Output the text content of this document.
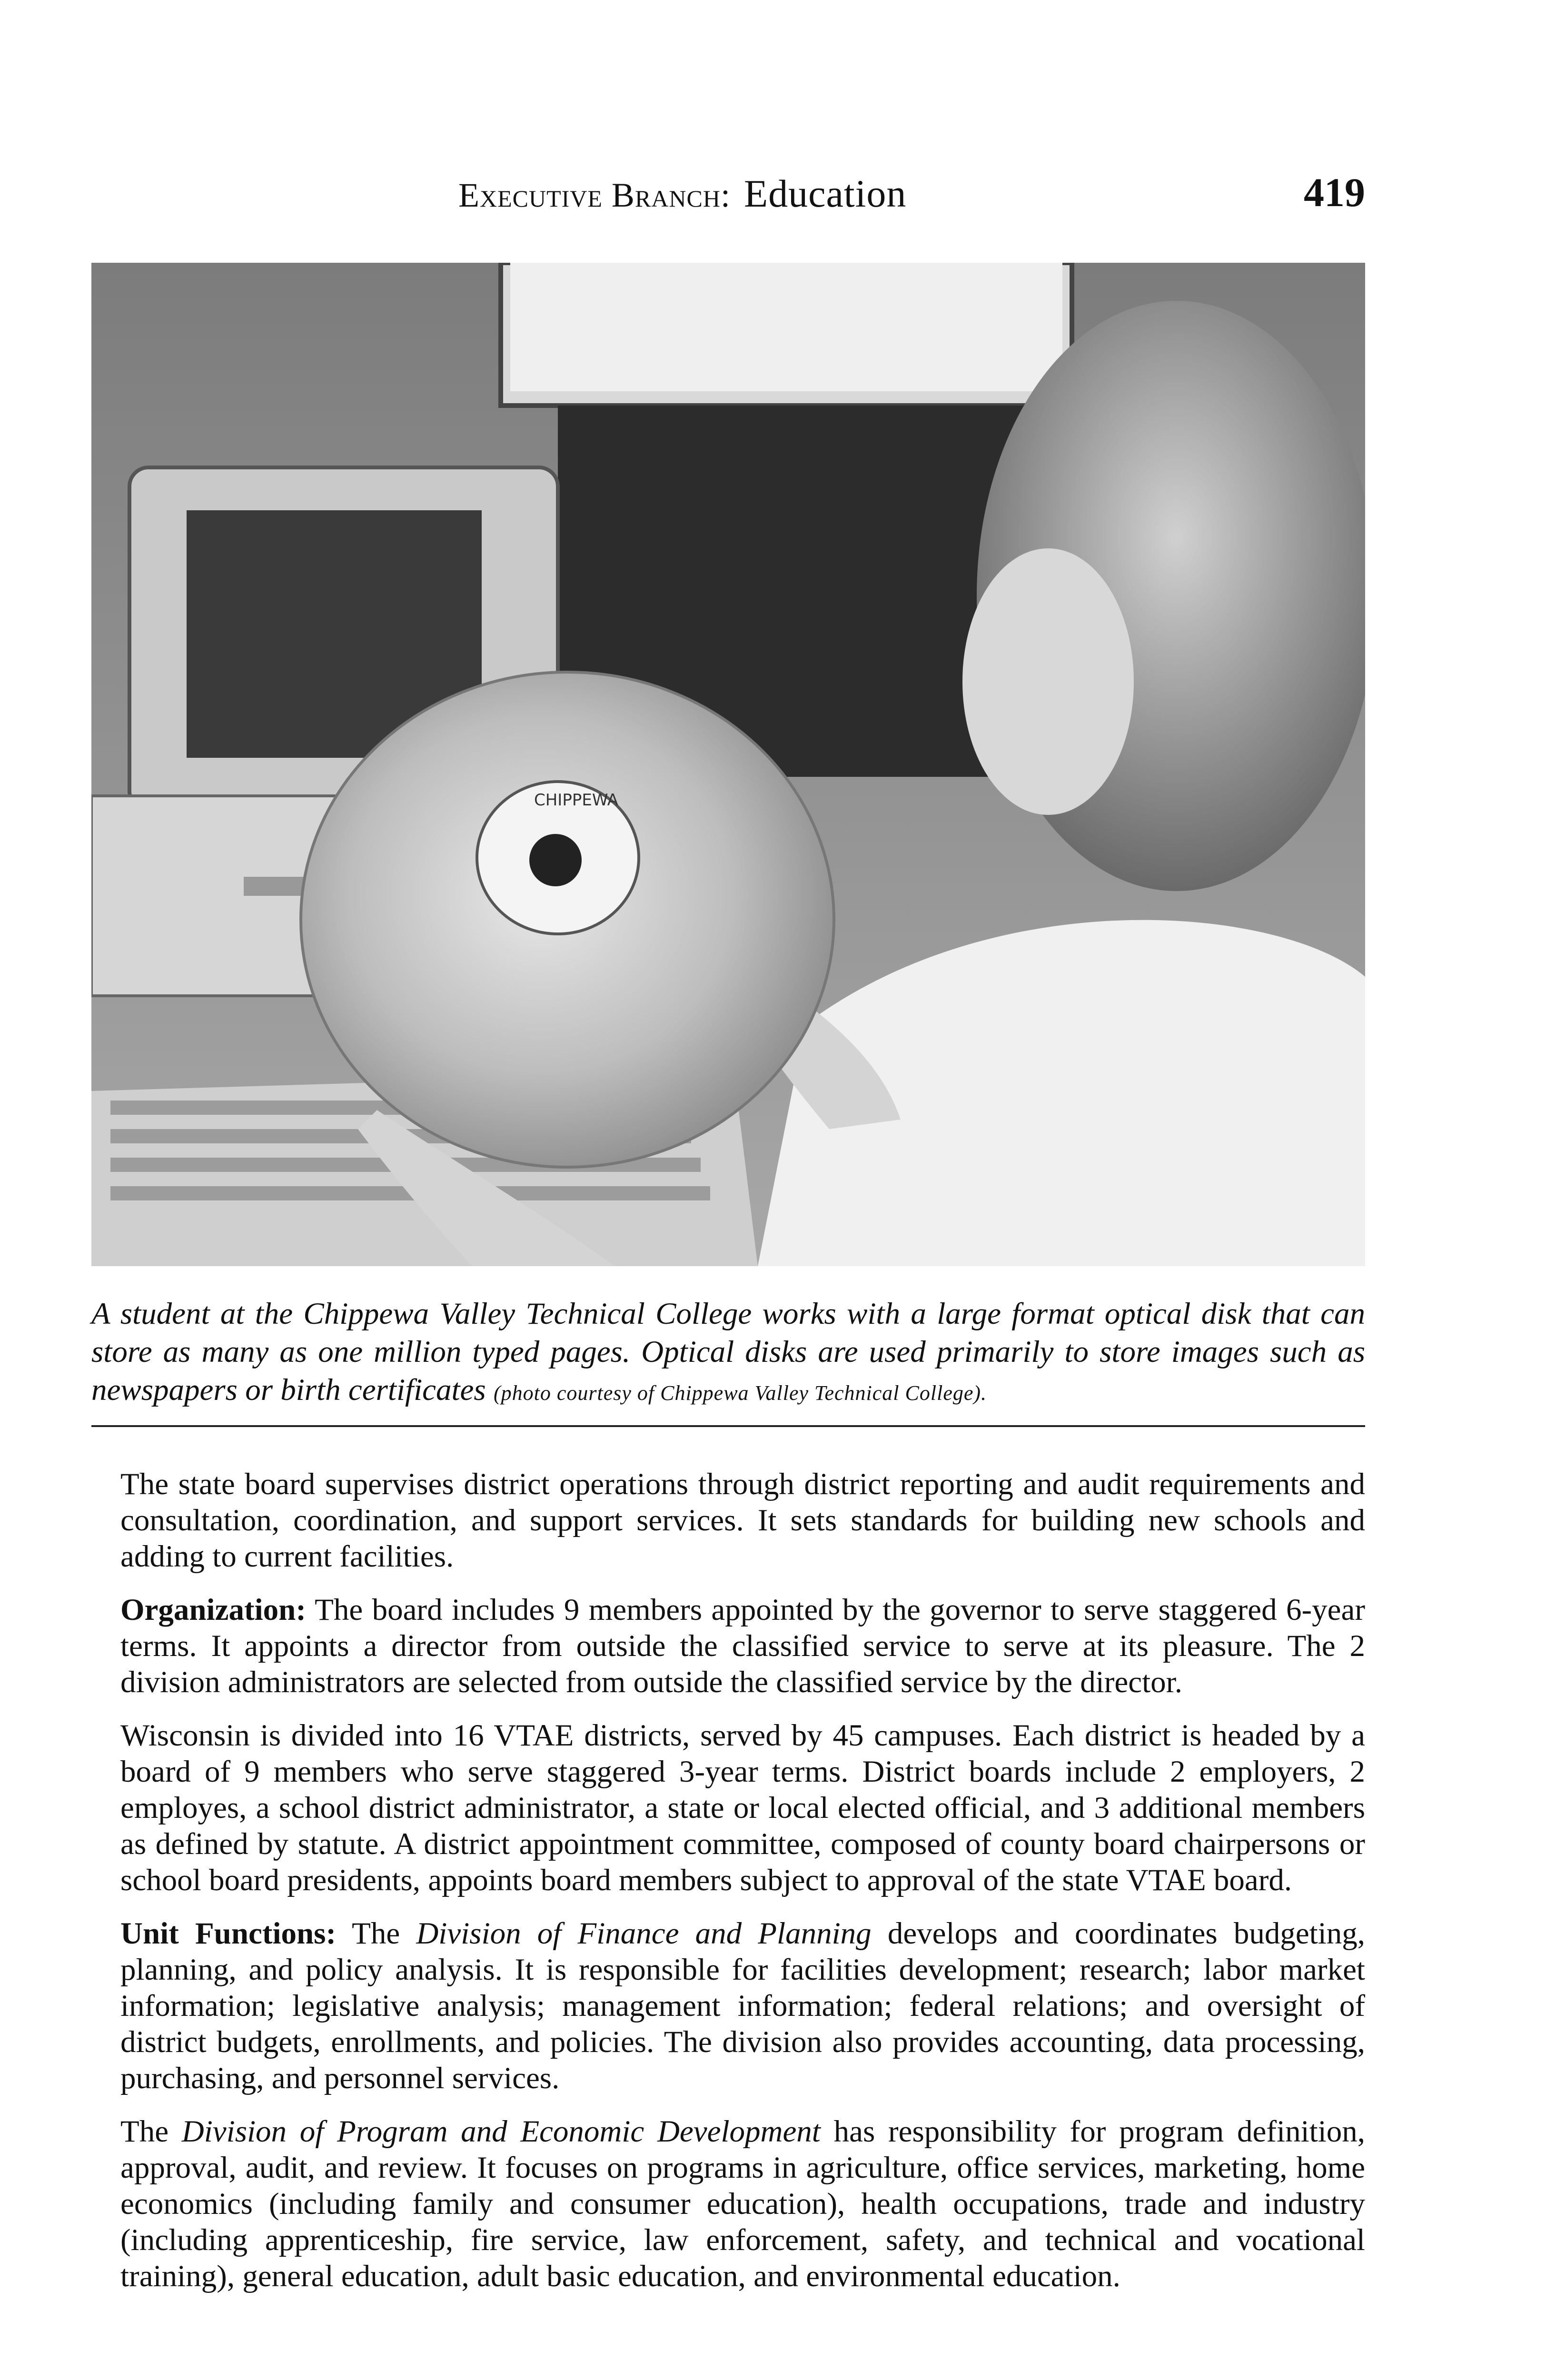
Executive Branch: Education	419
CHIPPEWA
A student at the Chippewa Valley Technical College works with a large format optical disk that can store as many as one million typed pages. Optical disks are used primarily to store images such as newspapers or birth certificates (photo courtesy of Chippewa Valley Technical College).

The state board supervises district operations through district reporting and audit requirements and consultation, coordination, and support services. It sets standards for building new schools and adding to current facilities.

Organization: The board includes 9 members appointed by the governor to serve staggered 6-year terms. It appoints a director from outside the classified service to serve at its pleasure. The 2 division administrators are selected from outside the classified service by the director.

Wisconsin is divided into 16 VTAE districts, served by 45 campuses. Each district is headed by a board of 9 members who serve staggered 3-year terms. District boards include 2 employers, 2 employes, a school district administrator, a state or local elected official, and 3 additional members as defined by statute. A district appointment committee, composed of county board chairpersons or school board presidents, appoints board members subject to approval of the state VTAE board.

Unit Functions: The Division of Finance and Planning develops and coordinates budgeting, planning, and policy analysis. It is responsible for facilities development; research; labor market information; legislative analysis; management information; federal relations; and oversight of district budgets, enrollments, and policies. The division also provides accounting, data processing, purchasing, and personnel services.

The Division of Program and Economic Development has responsibility for program definition, approval, audit, and review. It focuses on programs in agriculture, office services, marketing, home economics (including family and consumer education), health occupations, trade and industry (including apprenticeship, fire service, law enforcement, safety, and technical and vocational training), general education, adult basic education, and environmental education.
